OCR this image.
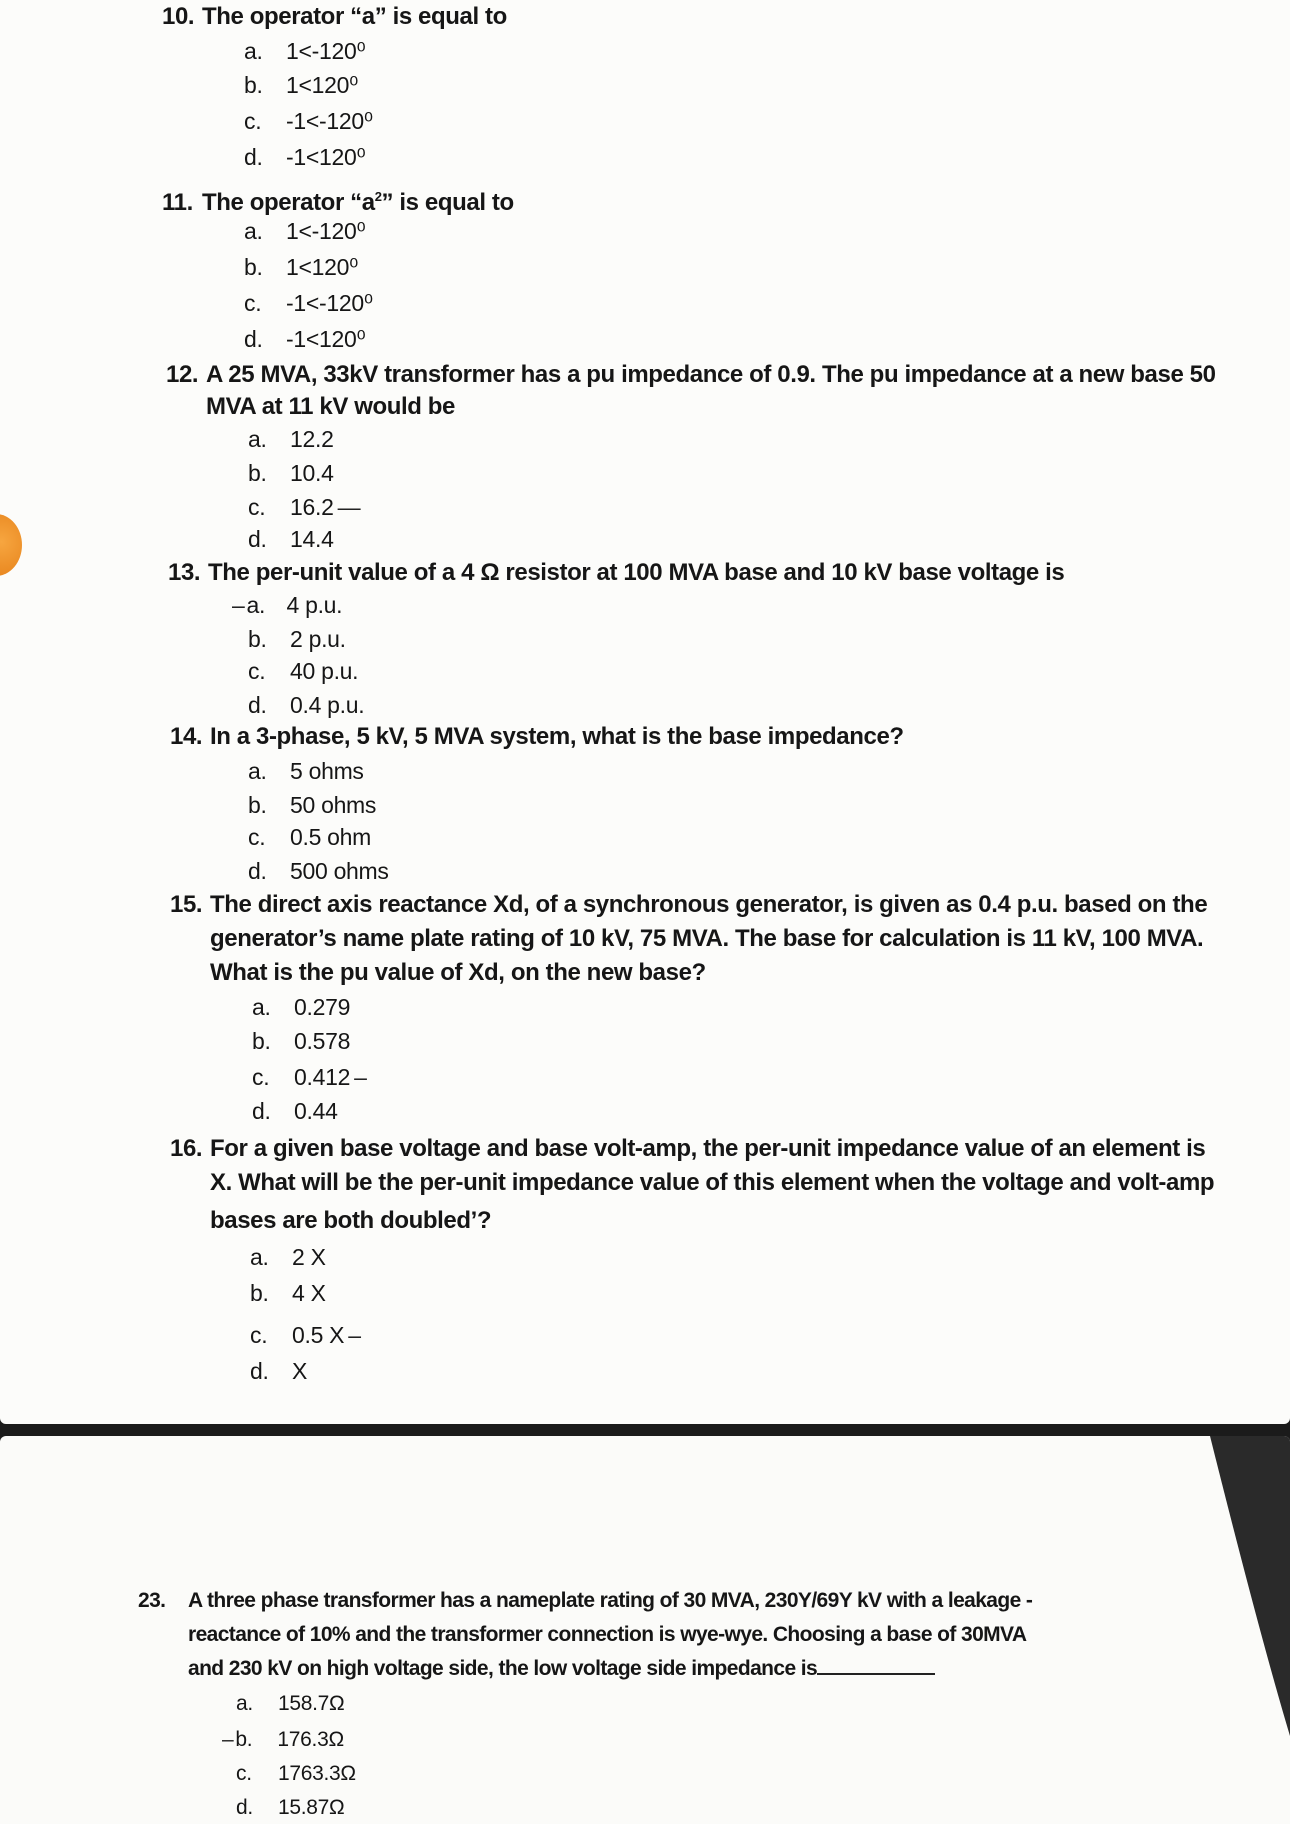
10. The operator “a” is equal to
a. 1<-120⁰
b. 1<120⁰
c. -1<-120⁰
d. -1<120⁰
11. The operator “$a^2$” is equal to
a. 1<-120⁰
b. 1<120⁰
c. -1<-120⁰
d. -1<120⁰
12. A 25 MVA, 33kV transformer has a pu impedance of 0.9. The pu impedance at a new base 50
MVA at 11 kV would be
a. 12.2
b. 10.4
c. 16.2 —
d. 14.4
13. The per-unit value of a 4 Ω resistor at 100 MVA base and 10 kV base voltage is
–a. 4 p.u.
b. 2 p.u.
c. 40 p.u.
d. 0.4 p.u.
14. In a 3-phase, 5 kV, 5 MVA system, what is the base impedance?
a. 5 ohms
b. 50 ohms
c. 0.5 ohm
d. 500 ohms
15. The direct axis reactance Xd, of a synchronous generator, is given as 0.4 p.u. based on the
generator’s name plate rating of 10 kV, 75 MVA. The base for calculation is 11 kV, 100 MVA.
What is the pu value of Xd, on the new base?
a. 0.279
b. 0.578
c. 0.412 –
d. 0.44
16. For a given base voltage and base volt-amp, the per-unit impedance value of an element is
X. What will be the per-unit impedance value of this element when the voltage and volt-amp
bases are both doubled’?
a. 2 X
b. 4 X
c. 0.5 X –
d. X
23. A three phase transformer has a nameplate rating of 30 MVA, 230Y/69Y kV with a leakage -
reactance of 10% and the transformer connection is wye-wye. Choosing a base of 30MVA
and 230 kV on high voltage side, the low voltage side impedance is
a. 158.7Ω
–b. 176.3Ω
c. 1763.3Ω
d. 15.87Ω
